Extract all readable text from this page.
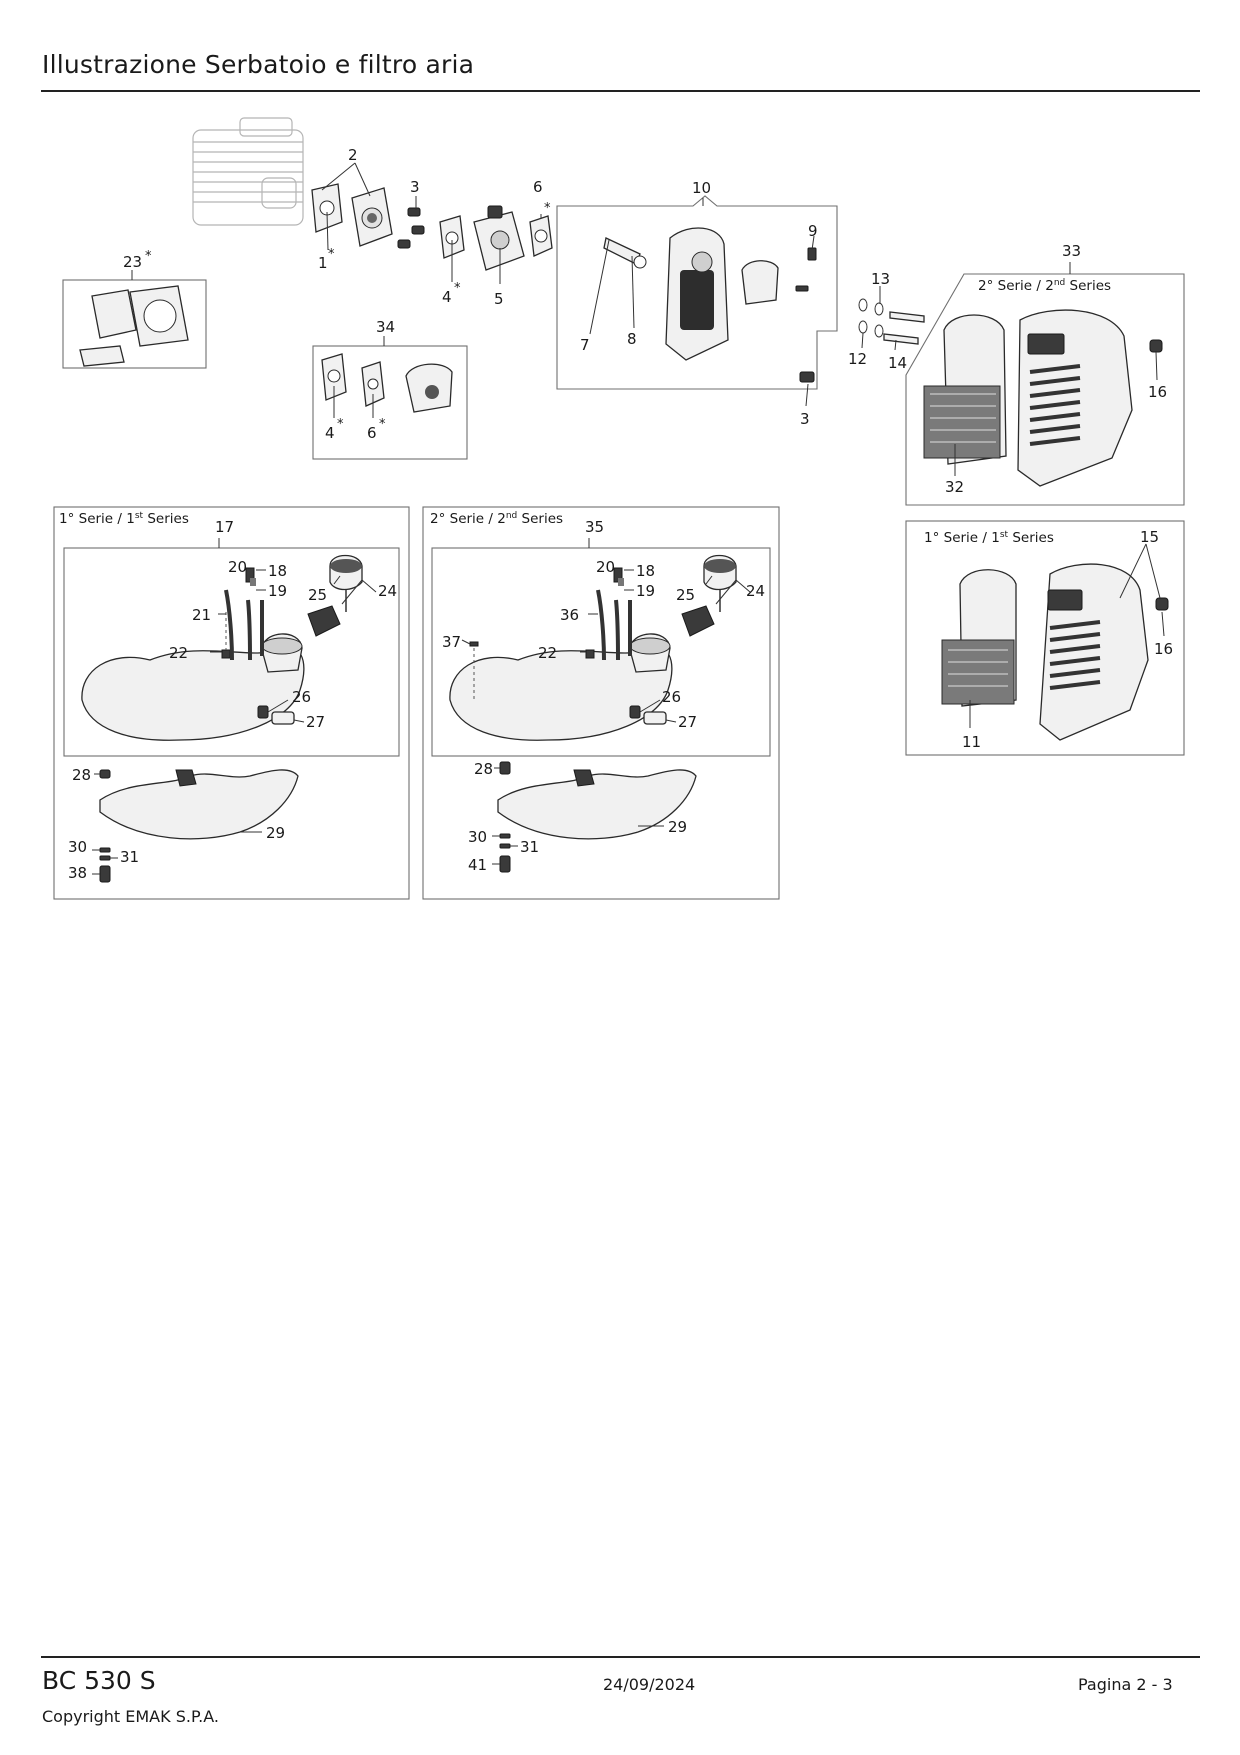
Illustrazione Serbatoio e filtro aria
2
3
1 *
4 *
5
6
*
10
9
7 8
3
13
12 14
33
16
32
23 *
34
4 * 6 *
17
20 18
19 25	24
21
22
26
27
28
29
30
31
38
35
20 18
19 25	24
36
37
22
26
27
28
29
30
31
41
15
16
11
2° Serie / 2nd Series
1° Serie / 1st Series	2° Serie / 2nd Series
1° Serie / 1st Series
BC 530 S	24/09/2024	Pagina 2 - 3
Copyright EMAK S.P.A.
